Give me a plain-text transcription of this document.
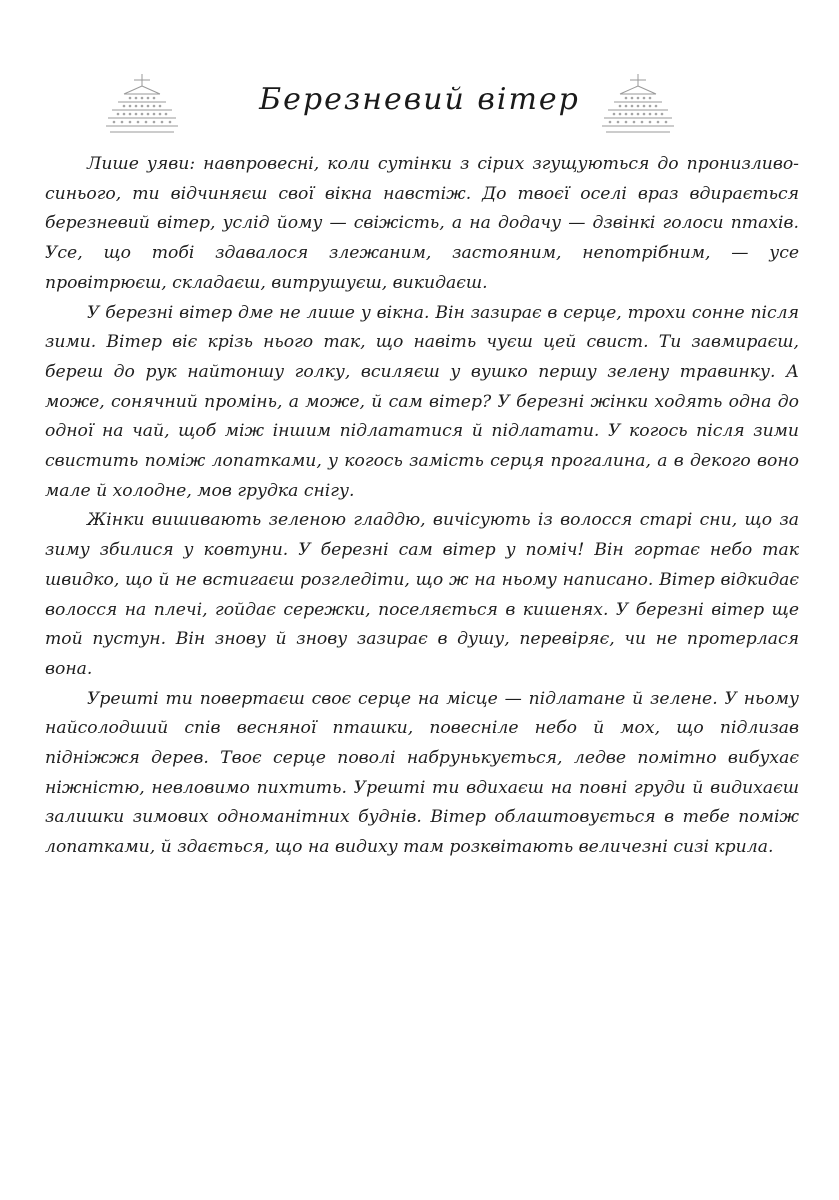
Березневий вітер

Лише уяви: навпровесні, коли сутінки з сірих згущуються до пронизливо-синього, ти відчиняєш свої вікна навстіж. До твоєї оселі враз вдирається березневий вітер, услід йому — свіжість, а на додачу — дзвінкі голоси птахів. Усе, що тобі здавалося злежаним, застояним, непотрібним, — усе провітрюєш, складаєш, витрушуєш, викидаєш.

У березні вітер дме не лише у вікна. Він зазирає в серце, трохи сонне після зими. Вітер віє крізь нього так, що навіть чуєш цей свист. Ти завмираєш, береш до рук найтоншу голку, всиляєш у вушко першу зелену травинку. А може, сонячний промінь, а може, й сам вітер? У березні жінки ходять одна до одної на чай, щоб між іншим підлататися й підлатати. У когось після зими свистить поміж лопатками, у когось замість серця прогалина, а в декого воно мале й холодне, мов грудка снігу.

Жінки вишивають зеленою гладдю, вичісують із волосся старі сни, що за зиму збилися у ковтуни. У березні сам вітер у поміч! Він гортає небо так швидко, що й не встигаєш розгледіти, що ж на ньому написано. Вітер відкидає волосся на плечі, гойдає сережки, поселяється в кишенях. У березні вітер ще той пустун. Він знову й знову зазирає в душу, перевіряє, чи не протерлася вона.

Урешті ти повертаєш своє серце на місце — підлатане й зелене. У ньому найсолодший спів весняної пташки, повесніле небо й мох, що підлизав підніжжя дерев. Твоє серце поволі набрунькується, ледве помітно вибухає ніжністю, невловимо пихтить. Урешті ти вдихаєш на повні груди й видихаєш залишки зимових одноманітних буднів. Вітер облаштовується в тебе поміж лопатками, й здається, що на видиху там розквітають величезні сизі крила.
